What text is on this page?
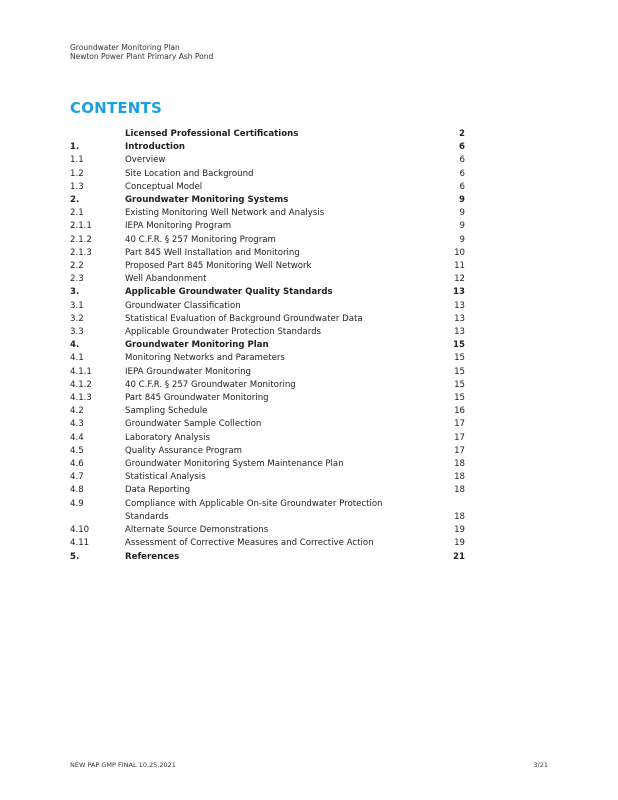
Groundwater Monitoring Plan
Newton Power Plant Primary Ash Pond
CONTENTS
Licensed Professional Certifications	2
1.	Introduction	6
1.1	Overview	6
1.2	Site Location and Background	6
1.3	Conceptual Model	6
2.	Groundwater Monitoring Systems	9
2.1	Existing Monitoring Well Network and Analysis	9
2.1.1	IEPA Monitoring Program	9
2.1.2	40 C.F.R. § 257 Monitoring Program	9
2.1.3	Part 845 Well Installation and Monitoring	10
2.2	Proposed Part 845 Monitoring Well Network	11
2.3	Well Abandonment	12
3.	Applicable Groundwater Quality Standards	13
3.1	Groundwater Classification	13
3.2	Statistical Evaluation of Background Groundwater Data	13
3.3	Applicable Groundwater Protection Standards	13
4.	Groundwater Monitoring Plan	15
4.1	Monitoring Networks and Parameters	15
4.1.1	IEPA Groundwater Monitoring	15
4.1.2	40 C.F.R. § 257 Groundwater Monitoring	15
4.1.3	Part 845 Groundwater Monitoring	15
4.2	Sampling Schedule	16
4.3	Groundwater Sample Collection	17
4.4	Laboratory Analysis	17
4.5	Quality Assurance Program	17
4.6	Groundwater Monitoring System Maintenance Plan	18
4.7	Statistical Analysis	18
4.8	Data Reporting	18
4.9	Compliance with Applicable On-site Groundwater Protection
Standards	18
4.10	Alternate Source Demonstrations	19
4.11	Assessment of Corrective Measures and Corrective Action	19
5.	References	21
NEW PAP GMP FINAL 10.25.2021	3/21
